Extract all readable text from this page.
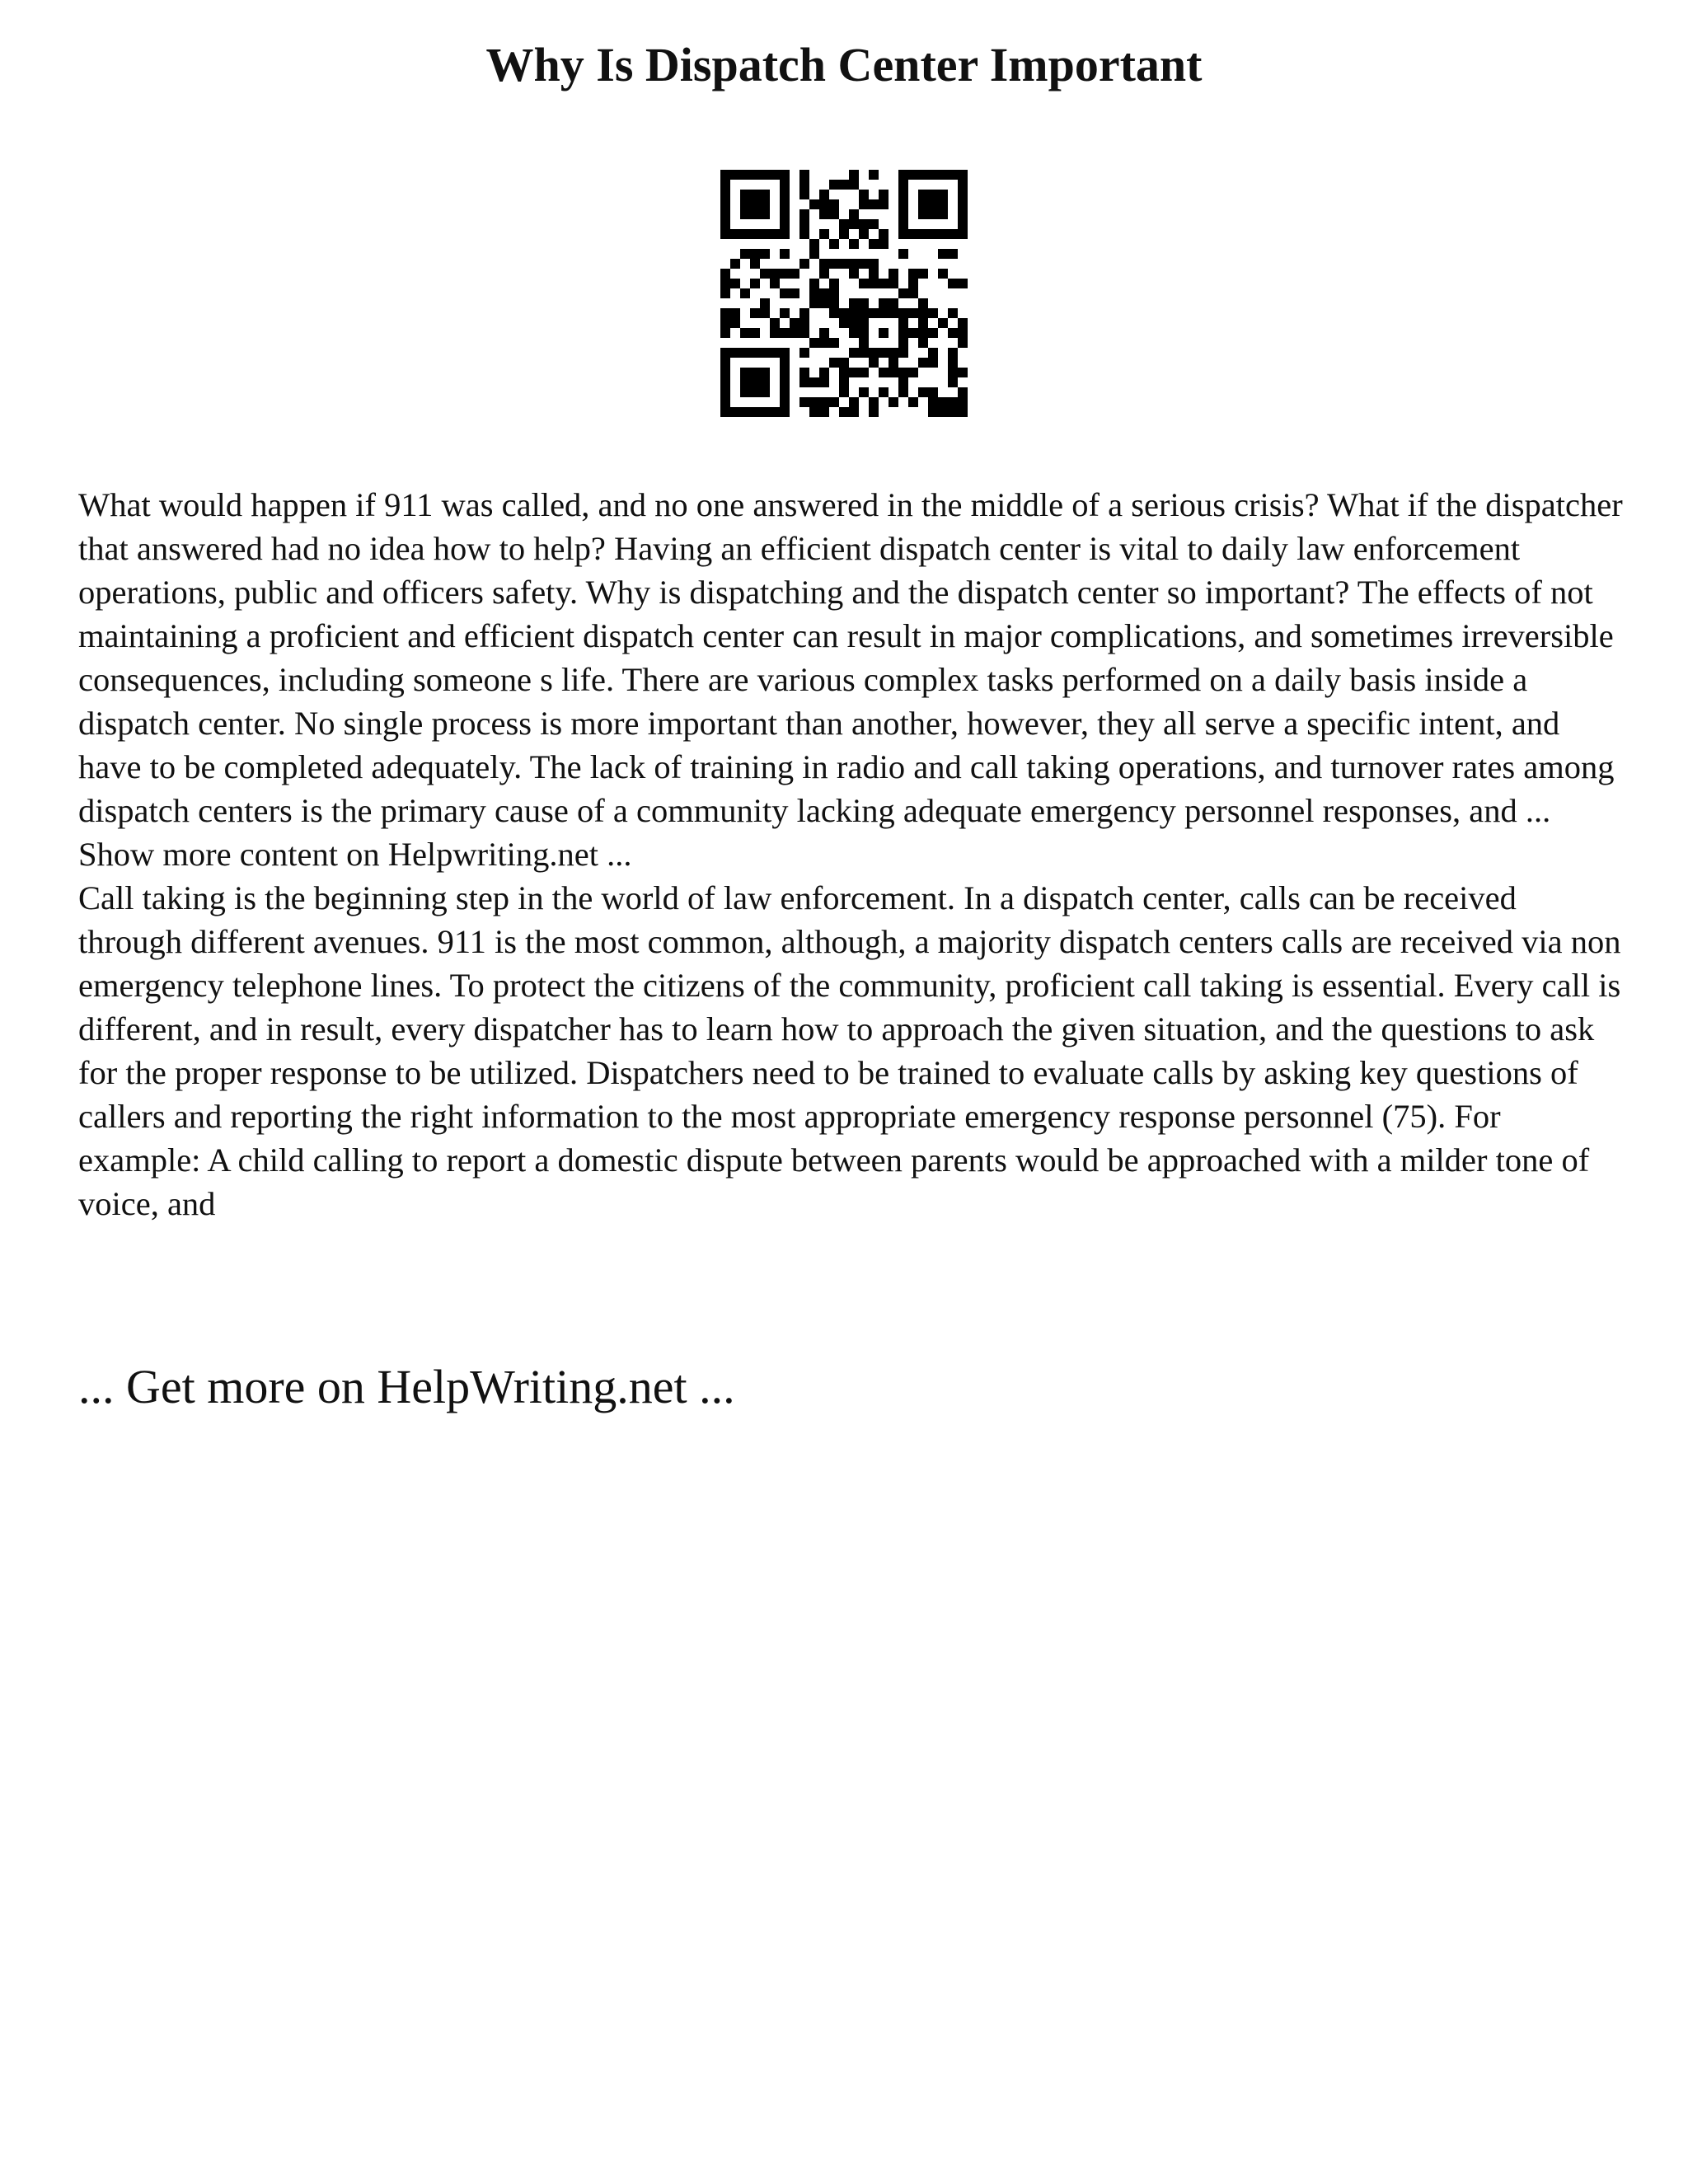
Why Is Dispatch Center Important

What would happen if 911 was called, and no one answered in the middle of a serious crisis? What if the dispatcher that answered had no idea how to help? Having an efficient dispatch center is vital to daily law enforcement operations, public and officers safety. Why is dispatching and the dispatch center so important? The effects of not maintaining a proficient and efficient dispatch center can result in major complications, and sometimes irreversible consequences, including someone s life. There are various complex tasks performed on a daily basis inside a dispatch center. No single process is more important than another, however, they all serve a specific intent, and have to be completed adequately. The lack of training in radio and call taking operations, and turnover rates among dispatch centers is the primary cause of a community lacking adequate emergency personnel responses, and ... Show more content on Helpwriting.net ...

Call taking is the beginning step in the world of law enforcement. In a dispatch center, calls can be received through different avenues. 911 is the most common, although, a majority dispatch centers calls are received via non emergency telephone lines. To protect the citizens of the community, proficient call taking is essential. Every call is different, and in result, every dispatcher has to learn how to approach the given situation, and the questions to ask for the proper response to be utilized. Dispatchers need to be trained to evaluate calls by asking key questions of callers and reporting the right information to the most appropriate emergency response personnel (75). For example: A child calling to report a domestic dispute between parents would be approached with a milder tone of voice, and

... Get more on HelpWriting.net ...
